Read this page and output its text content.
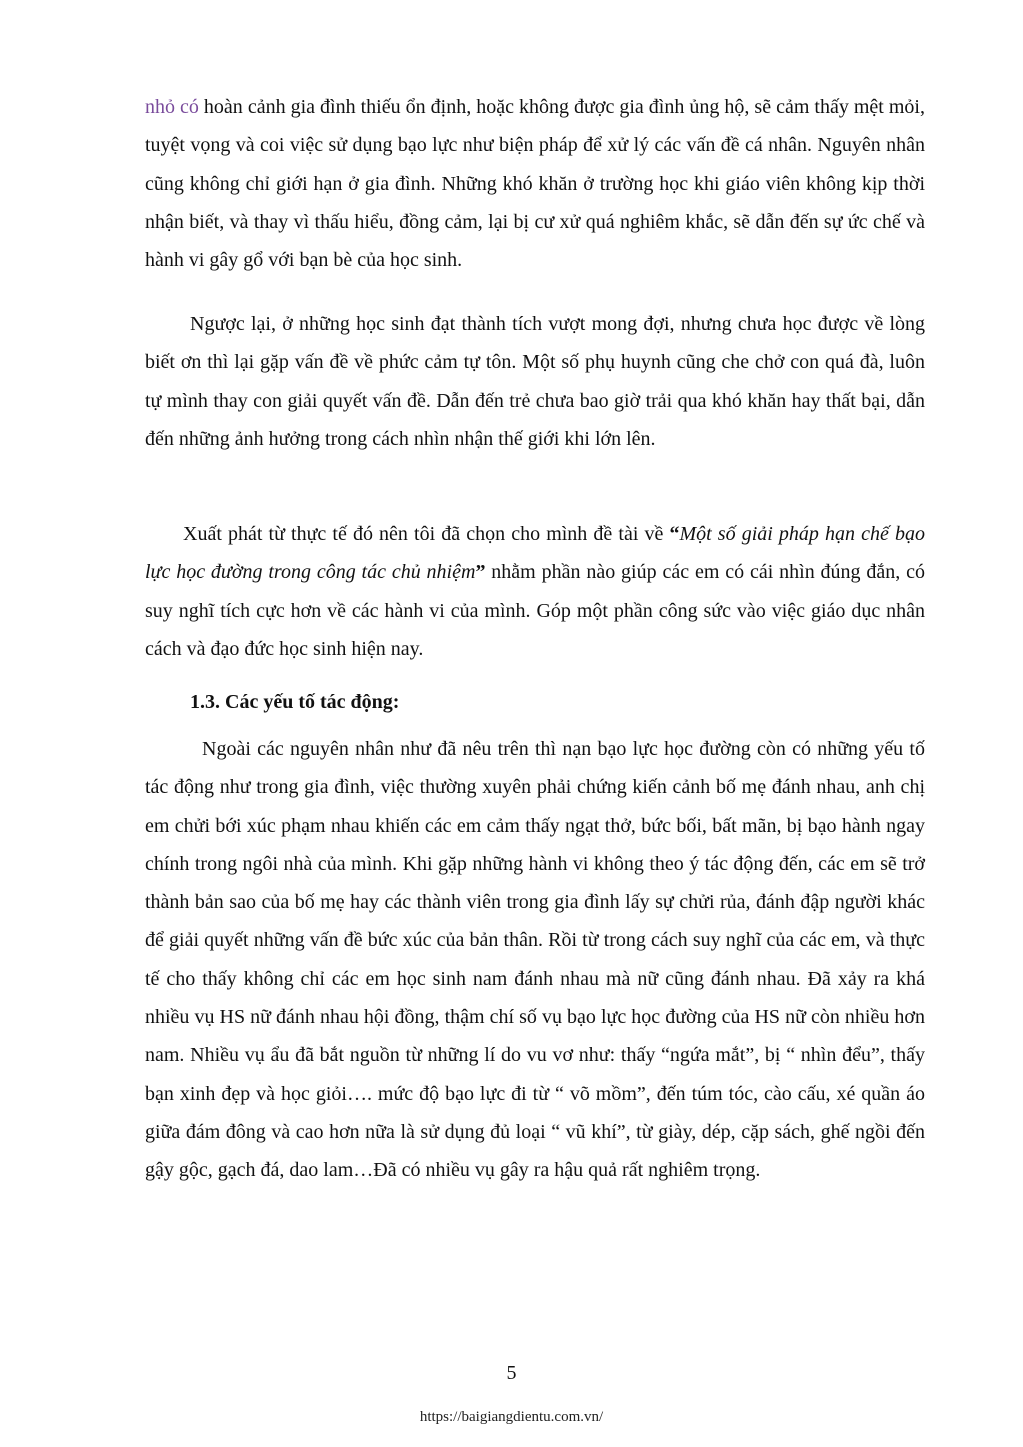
nhỏ có hoàn cảnh gia đình thiếu ổn định, hoặc không được gia đình ủng hộ, sẽ cảm thấy mệt mỏi, tuyệt vọng và coi việc sử dụng bạo lực như biện pháp để xử lý các vấn đề cá nhân. Nguyên nhân cũng không chỉ giới hạn ở gia đình. Những khó khăn ở trường học khi giáo viên không kịp thời nhận biết, và thay vì thấu hiểu, đồng cảm, lại bị cư xử quá nghiêm khắc, sẽ dẫn đến sự ức chế và hành vi gây gổ với bạn bè của học sinh.

Ngược lại, ở những học sinh đạt thành tích vượt mong đợi, nhưng chưa học được về lòng biết ơn thì lại gặp vấn đề về phức cảm tự tôn. Một số phụ huynh cũng che chở con quá đà, luôn tự mình thay con giải quyết vấn đề. Dẫn đến trẻ chưa bao giờ trải qua khó khăn hay thất bại, dẫn đến những ảnh hưởng trong cách nhìn nhận thế giới khi lớn lên.

Xuất phát từ thực tế đó nên tôi đã chọn cho mình đề tài về “Một số giải pháp hạn chế bạo lực học đường trong công tác chủ nhiệm” nhằm phần nào giúp các em có cái nhìn đúng đắn, có suy nghĩ tích cực hơn về các hành vi của mình. Góp một phần công sức vào việc giáo dục nhân cách và đạo đức học sinh hiện nay.

1.3. Các yếu tố tác động:

Ngoài các nguyên nhân như đã nêu trên thì nạn bạo lực học đường còn có những yếu tố tác động như trong gia đình, việc thường xuyên phải chứng kiến cảnh bố mẹ đánh nhau, anh chị em chửi bới xúc phạm nhau khiến các em cảm thấy ngạt thở, bức bối, bất mãn, bị bạo hành ngay chính trong ngôi nhà của mình. Khi gặp những hành vi không theo ý tác động đến, các em sẽ trở thành bản sao của bố mẹ hay các thành viên trong gia đình lấy sự chửi rủa, đánh đập người khác để giải quyết những vấn đề bức xúc của bản thân. Rồi từ trong cách suy nghĩ của các em, và thực tế cho thấy không chỉ các em học sinh nam đánh nhau mà nữ cũng đánh nhau. Đã xảy ra khá nhiều vụ HS nữ đánh nhau hội đồng, thậm chí số vụ bạo lực học đường của HS nữ còn nhiều hơn nam. Nhiều vụ ẩu đã bắt nguồn từ những lí do vu vơ như: thấy “ngứa mắt”, bị “ nhìn đểu”, thấy bạn xinh đẹp và học giỏi…. mức độ bạo lực đi từ “ võ mồm”, đến túm tóc, cào cấu, xé quần áo giữa đám đông và cao hơn nữa là sử dụng đủ loại “ vũ khí”, từ giày, dép, cặp sách, ghế ngồi đến gậy gộc, gạch đá, dao lam…Đã có nhiều vụ gây ra hậu quả rất nghiêm trọng.

5
https://baigiangdientu.com.vn/
